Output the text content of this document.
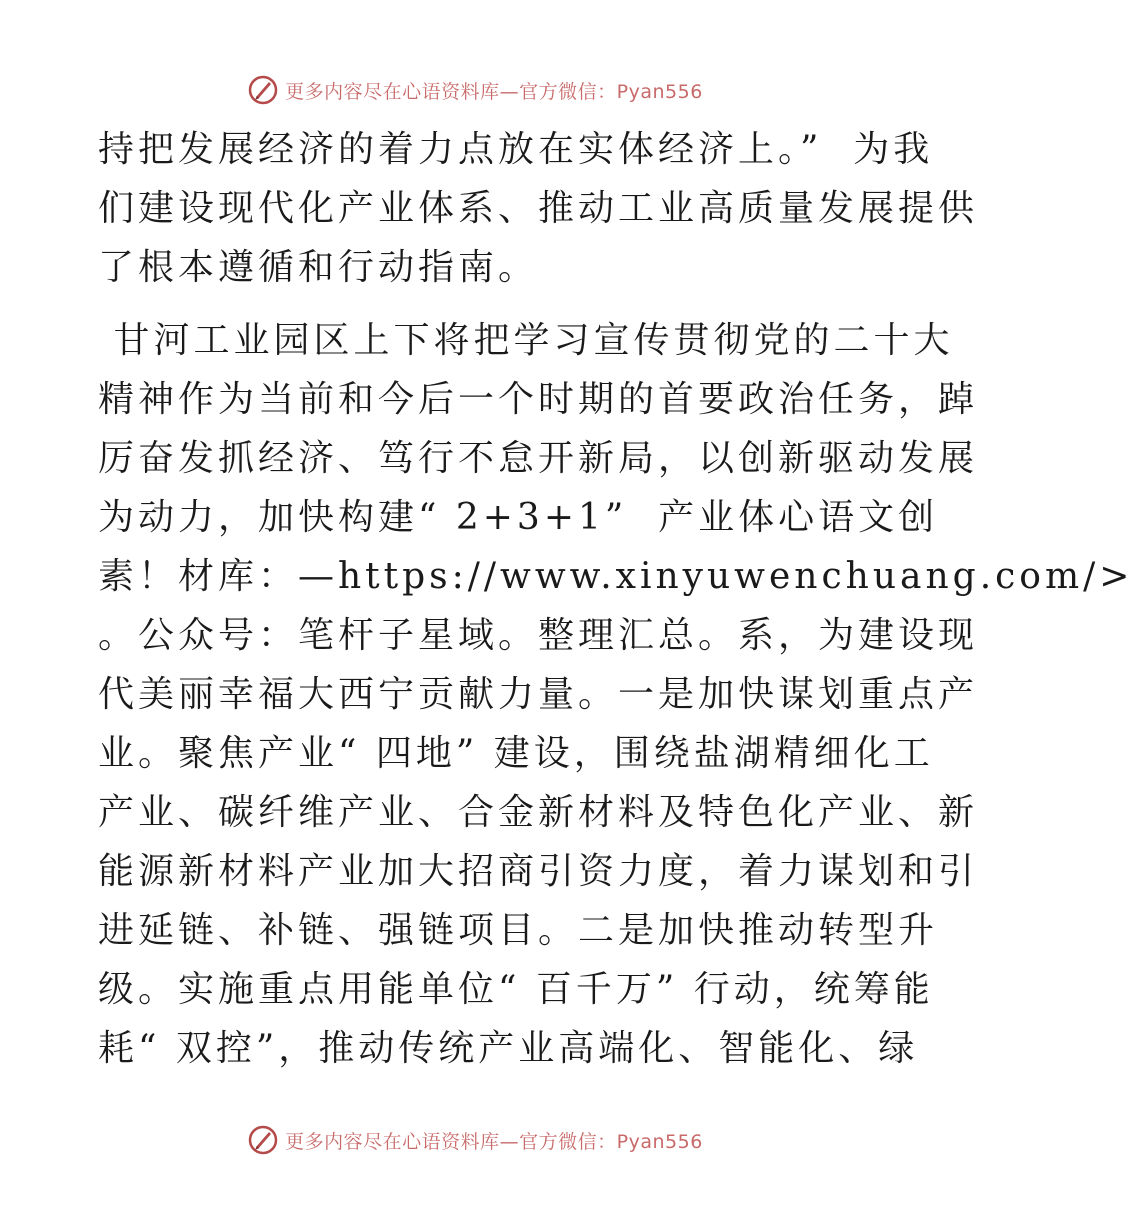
更多内容尽在心语资料库—官方微信：Pyan556
持把发展经济的着力点放在实体经济上。”  为我
们建设现代化产业体系、推动工业高质量发展提供
了根本遵循和行动指南。
甘河工业园区上下将把学习宣传贯彻党的二十大
精神作为当前和今后一个时期的首要政治任务，踔
厉奋发抓经济、笃行不怠开新局，以创新驱动发展
为动力，加快构建“ 2+3+1”  产业体心语文创
素！材库：—https://www.xinyuwenchuang.com/>
。公众号：笔杆子星域。整理汇总。系，为建设现
代美丽幸福大西宁贡献力量。一是加快谋划重点产
业。聚焦产业“ 四地” 建设，围绕盐湖精细化工
产业、碳纤维产业、合金新材料及特色化产业、新
能源新材料产业加大招商引资力度，着力谋划和引
进延链、补链、强链项目。二是加快推动转型升
级。实施重点用能单位“ 百千万” 行动，统筹能
耗“ 双控”，推动传统产业高端化、智能化、绿
更多内容尽在心语资料库—官方微信：Pyan556
